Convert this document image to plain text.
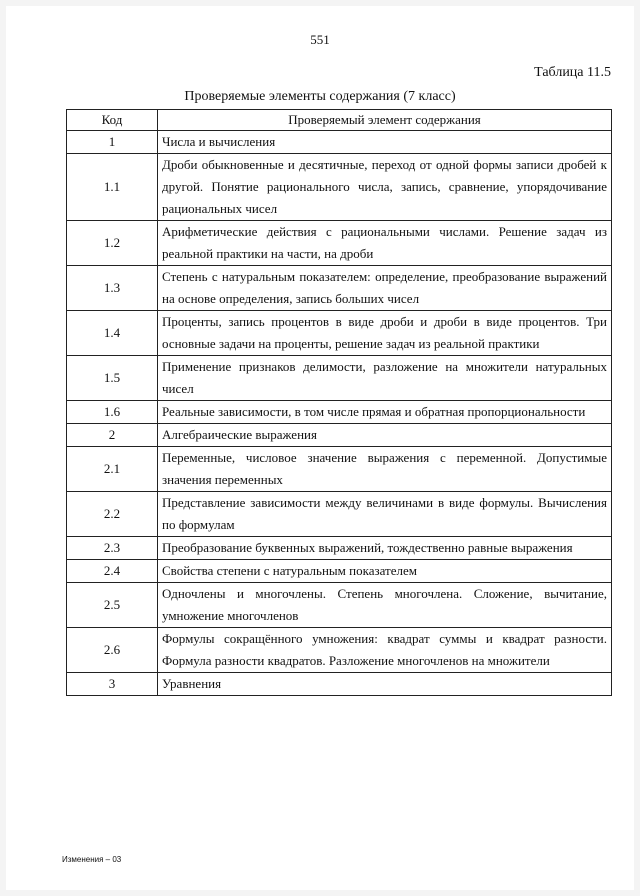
551
Таблица 11.5
Проверяемые элементы содержания (7 класс)
Код	Проверяемый элемент содержания
1	Числа и вычисления
1.1	Дроби обыкновенные и десятичные, переход от одной формы записи дробей к другой. Понятие рационального числа, запись, сравнение, упорядочивание рациональных чисел
1.2	Арифметические действия с рациональными числами. Решение задач из реальной практики на части, на дроби
1.3	Степень с натуральным показателем: определение, преобразование выражений на основе определения, запись больших чисел
1.4	Проценты, запись процентов в виде дроби и дроби в виде процентов. Три основные задачи на проценты, решение задач из реальной практики
1.5	Применение признаков делимости, разложение на множители натуральных чисел
1.6	Реальные зависимости, в том числе прямая и обратная пропорциональности
2	Алгебраические выражения
2.1	Переменные, числовое значение выражения с переменной. Допустимые значения переменных
2.2	Представление зависимости между величинами в виде формулы. Вычисления по формулам
2.3	Преобразование буквенных выражений, тождественно равные выражения
2.4	Свойства степени с натуральным показателем
2.5	Одночлены и многочлены. Степень многочлена. Сложение, вычитание, умножение многочленов
2.6	Формулы сокращённого умножения: квадрат суммы и квадрат разности. Формула разности квадратов. Разложение многочленов на множители
3	Уравнения
Изменения – 03
